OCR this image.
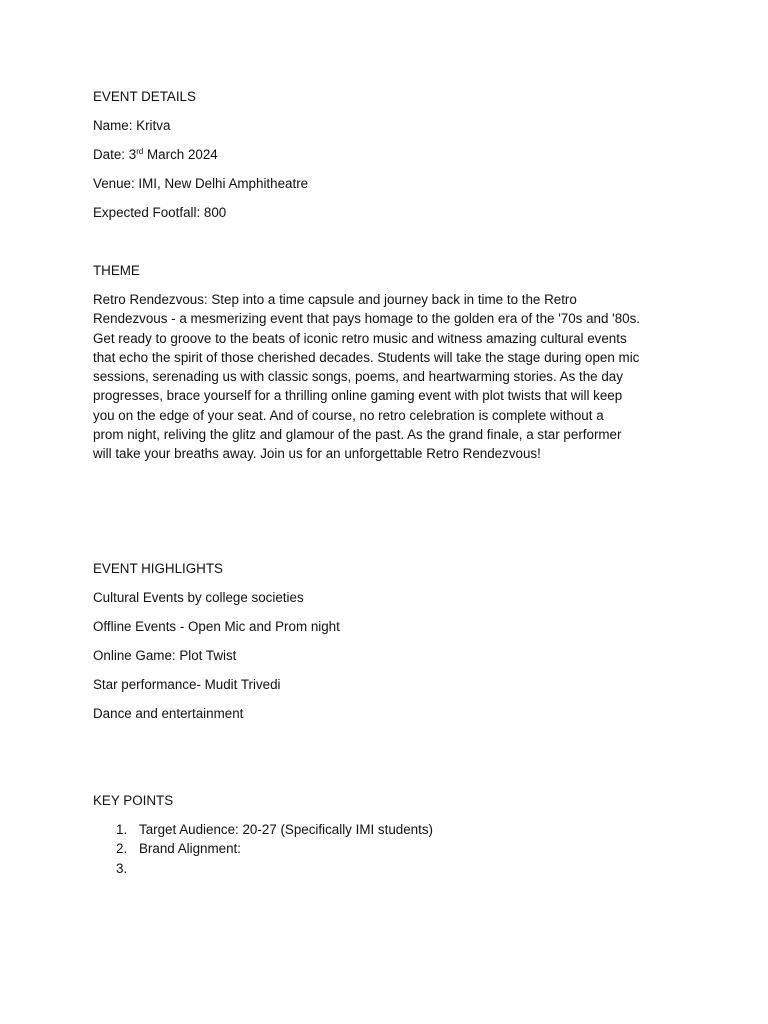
EVENT DETAILS
Name: Kritva
Date: 3rd March 2024
Venue: IMI, New Delhi Amphitheatre
Expected Footfall: 800
THEME
Retro Rendezvous: Step into a time capsule and journey back in time to the Retro
Rendezvous - a mesmerizing event that pays homage to the golden era of the '70s and '80s.
Get ready to groove to the beats of iconic retro music and witness amazing cultural events
that echo the spirit of those cherished decades. Students will take the stage during open mic
sessions, serenading us with classic songs, poems, and heartwarming stories. As the day
progresses, brace yourself for a thrilling online gaming event with plot twists that will keep
you on the edge of your seat. And of course, no retro celebration is complete without a
prom night, reliving the glitz and glamour of the past. As the grand finale, a star performer
will take your breaths away. Join us for an unforgettable Retro Rendezvous!
EVENT HIGHLIGHTS
Cultural Events by college societies
Offline Events - Open Mic and Prom night
Online Game: Plot Twist
Star performance- Mudit Trivedi
Dance and entertainment
KEY POINTS
1. Target Audience: 20-27 (Specifically IMI students)
2. Brand Alignment:
3.
